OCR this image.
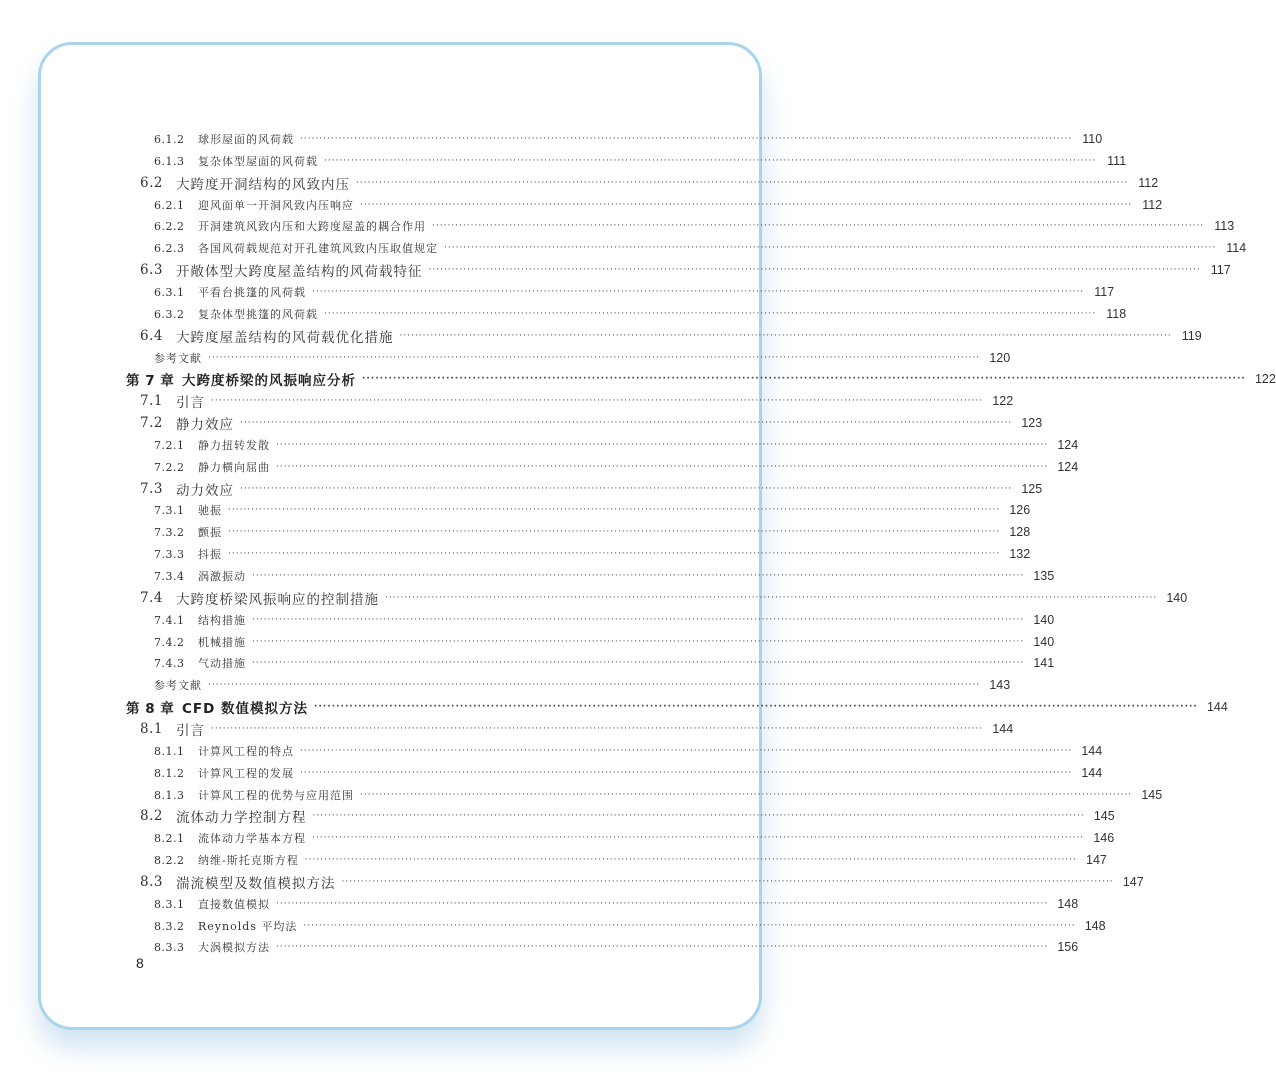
6.1.2	球形屋面的风荷载 ········································································································································································································ 110
6.1.3	复杂体型屋面的风荷载 ········································································································································································································ 111
6.2 大跨度开洞结构的风致内压 ········································································································································································································ 112
6.2.1	迎风面单一开洞风致内压响应 ········································································································································································································ 112
6.2.2	开洞建筑风致内压和大跨度屋盖的耦合作用 ········································································································································································································ 113
6.2.3	各国风荷载规范对开孔建筑风致内压取值规定 ········································································································································································································ 114
6.3 开敞体型大跨度屋盖结构的风荷载特征 ········································································································································································································ 117
6.3.1	平看台挑篷的风荷载 ········································································································································································································ 117
6.3.2	复杂体型挑篷的风荷载 ········································································································································································································ 118
6.4 大跨度屋盖结构的风荷载优化措施 ········································································································································································································ 119
参考文献 ········································································································································································································ 120
第 7 章 大跨度桥梁的风振响应分析 ········································································································································································································ 122
7.1 引言 ········································································································································································································ 122
7.2 静力效应 ········································································································································································································ 123
7.2.1	静力扭转发散 ········································································································································································································ 124
7.2.2	静力横向屈曲 ········································································································································································································ 124
7.3 动力效应 ········································································································································································································ 125
7.3.1	驰振 ········································································································································································································ 126
7.3.2	颤振 ········································································································································································································ 128
7.3.3	抖振 ········································································································································································································ 132
7.3.4	涡激振动 ········································································································································································································ 135
7.4 大跨度桥梁风振响应的控制措施 ········································································································································································································ 140
7.4.1	结构措施 ········································································································································································································ 140
7.4.2	机械措施 ········································································································································································································ 140
7.4.3	气动措施 ········································································································································································································ 141
参考文献 ········································································································································································································ 143
第 8 章 CFD 数值模拟方法 ········································································································································································································ 144
8.1 引言 ········································································································································································································ 144
8.1.1	计算风工程的特点 ········································································································································································································ 144
8.1.2	计算风工程的发展 ········································································································································································································ 144
8.1.3	计算风工程的优势与应用范围 ········································································································································································································ 145
8.2 流体动力学控制方程 ········································································································································································································ 145
8.2.1	流体动力学基本方程 ········································································································································································································ 146
8.2.2	纳维-斯托克斯方程 ········································································································································································································ 147
8.3 湍流模型及数值模拟方法 ········································································································································································································ 147
8.3.1	直接数值模拟 ········································································································································································································ 148
8.3.2	Reynolds 平均法 ········································································································································································································ 148
8.3.3	大涡模拟方法 ········································································································································································································ 156
8
